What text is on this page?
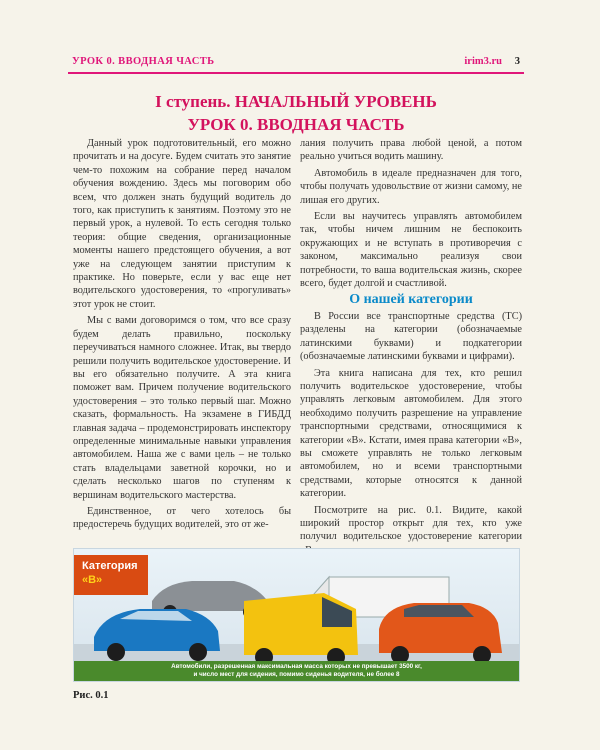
УРОК 0. ВВОДНАЯ ЧАСТЬ	irim3.ru 3
I ступень. НАЧАЛЬНЫЙ УРОВЕНЬ
УРОК 0. ВВОДНАЯ ЧАСТЬ

Данный урок подготовительный, его можно прочитать и на досуге. Будем считать это занятие чем-то похожим на собрание перед началом обучения вождению. Здесь мы поговорим обо всем, что должен знать будущий водитель до того, как приступить к занятиям. Поэтому это не первый урок, а нулевой. То есть сегодня только теория: общие сведения, организационные моменты нашего предстоящего обучения, а вот уже на следующем занятии приступим к практике. Но поверьте, если у вас еще нет водительского удостоверения, то «прогуливать» этот урок не стоит.

Мы с вами договоримся о том, что все сразу будем делать правильно, поскольку переучиваться намного сложнее. Итак, вы твердо решили получить водительское удостоверение. И вы его обязательно получите. А эта книга поможет вам. Причем получение водительского удостоверения – это только первый шаг. Можно сказать, формальность. На экзамене в ГИБДД главная задача – продемонстрировать инспектору определенные минимальные навыки управления автомобилем. Наша же с вами цель – не только стать владельцами заветной корочки, но и сделать несколько шагов по ступеням к вершинам водительского мастерства.

Единственное, от чего хотелось бы предостеречь будущих водителей, это от же-

лания получить права любой ценой, а потом реально учиться водить машину.

Автомобиль в идеале предназначен для того, чтобы получать удовольствие от жизни самому, не лишая его других.

Если вы научитесь управлять автомобилем так, чтобы ничем лишним не беспокоить окружающих и не вступать в противоречия с законом, максимально реализуя свои потребности, то ваша водительская жизнь, скорее всего, будет долгой и счастливой.

О нашей категории

В России все транспортные средства (ТС) разделены на категории (обозначаемые латинскими буквами) и подкатегории (обозначаемые латинскими буквами и цифрами).

Эта книга написана для тех, кто решил получить водительское удостоверение, чтобы управлять легковым автомобилем. Для этого необходимо получить разрешение на управление транспортными средствами, относящимися к категории «В». Кстати, имея права категории «В», вы сможете управлять не только легковым автомобилем, но и всеми транспортными средствами, которые относятся к данной категории.

Посмотрите на рис. 0.1. Видите, какой широкий простор открыт для тех, кто уже получил водительское удостоверение категории

Категория
«В»
Автомобили, разрешенная максимальная масса которых не превышает 3500 кг,
и число мест для сидения, помимо сиденья водителя, не более 8
Рис. 0.1
